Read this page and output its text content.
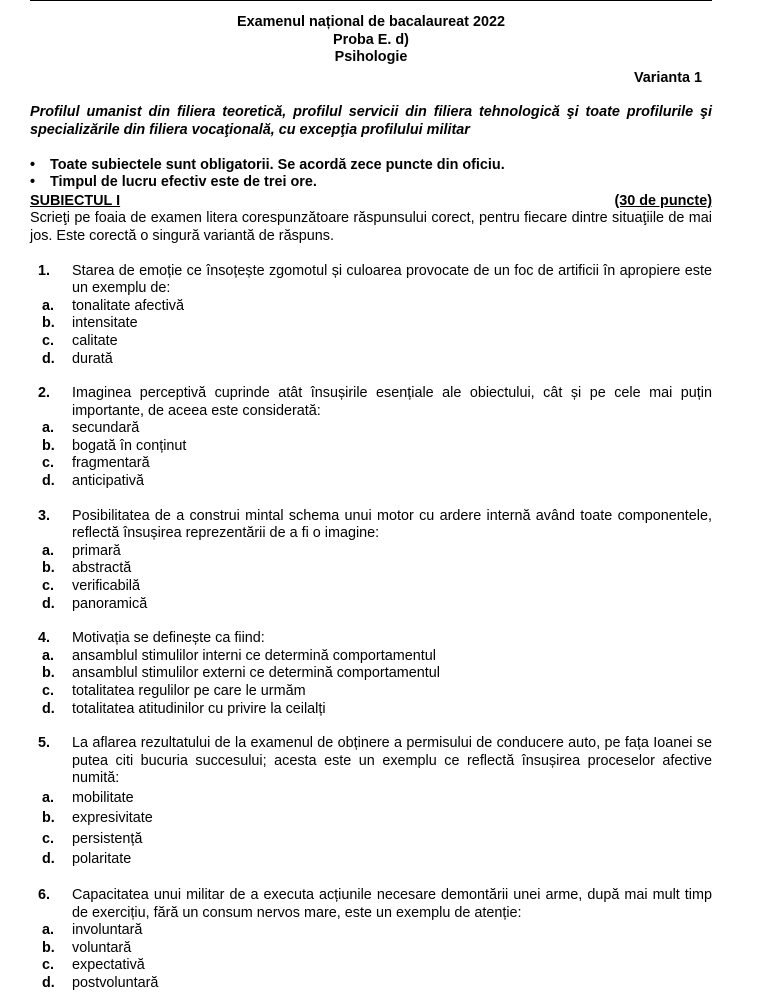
Examenul național de bacalaureat 2022
Proba E. d)
Psihologie
Varianta 1
Profilul umanist din filiera teoretică, profilul servicii din filiera tehnologică şi toate profilurile şi specializările din filiera vocaţională, cu excepţia profilului militar
•	Toate subiectele sunt obligatorii. Se acordă zece puncte din oficiu.
•	Timpul de lucru efectiv este de trei ore.
SUBIECTUL I	(30 de puncte)
Scrieţi pe foaia de examen litera corespunzătoare răspunsului corect, pentru fiecare dintre situaţiile de mai jos. Este corectă o singură variantă de răspuns.
1. Starea de emoție ce însoțește zgomotul și culoarea provocate de un foc de artificii în apropiere este un exemplu de:
a. tonalitate afectivă
b. intensitate
c. calitate
d. durată
2. Imaginea perceptivă cuprinde atât însușirile esențiale ale obiectului, cât și pe cele mai puțin importante, de aceea este considerată:
a. secundară
b. bogată în conținut
c. fragmentară
d. anticipativă
3. Posibilitatea de a construi mintal schema unui motor cu ardere internă având toate componentele, reflectă însușirea reprezentării de a fi o imagine:
a. primară
b. abstractă
c. verificabilă
d. panoramică
4. Motivația se definește ca fiind:
a. ansamblul stimulilor interni ce determină comportamentul
b. ansamblul stimulilor externi ce determină comportamentul
c. totalitatea regulilor pe care le urmăm
d. totalitatea atitudinilor cu privire la ceilalți
5. La aflarea rezultatului de la examenul de obținere a permisului de conducere auto, pe fața Ioanei se putea citi bucuria succesului; acesta este un exemplu ce reflectă însușirea proceselor afective numită:
a. mobilitate
b. expresivitate
c. persistență
d. polaritate
6. Capacitatea unui militar de a executa acțiunile necesare demontării unei arme, după mai mult timp de exercițiu, fără un consum nervos mare, este un exemplu de atenție:
a. involuntară
b. voluntară
c. expectativă
d. postvoluntară
